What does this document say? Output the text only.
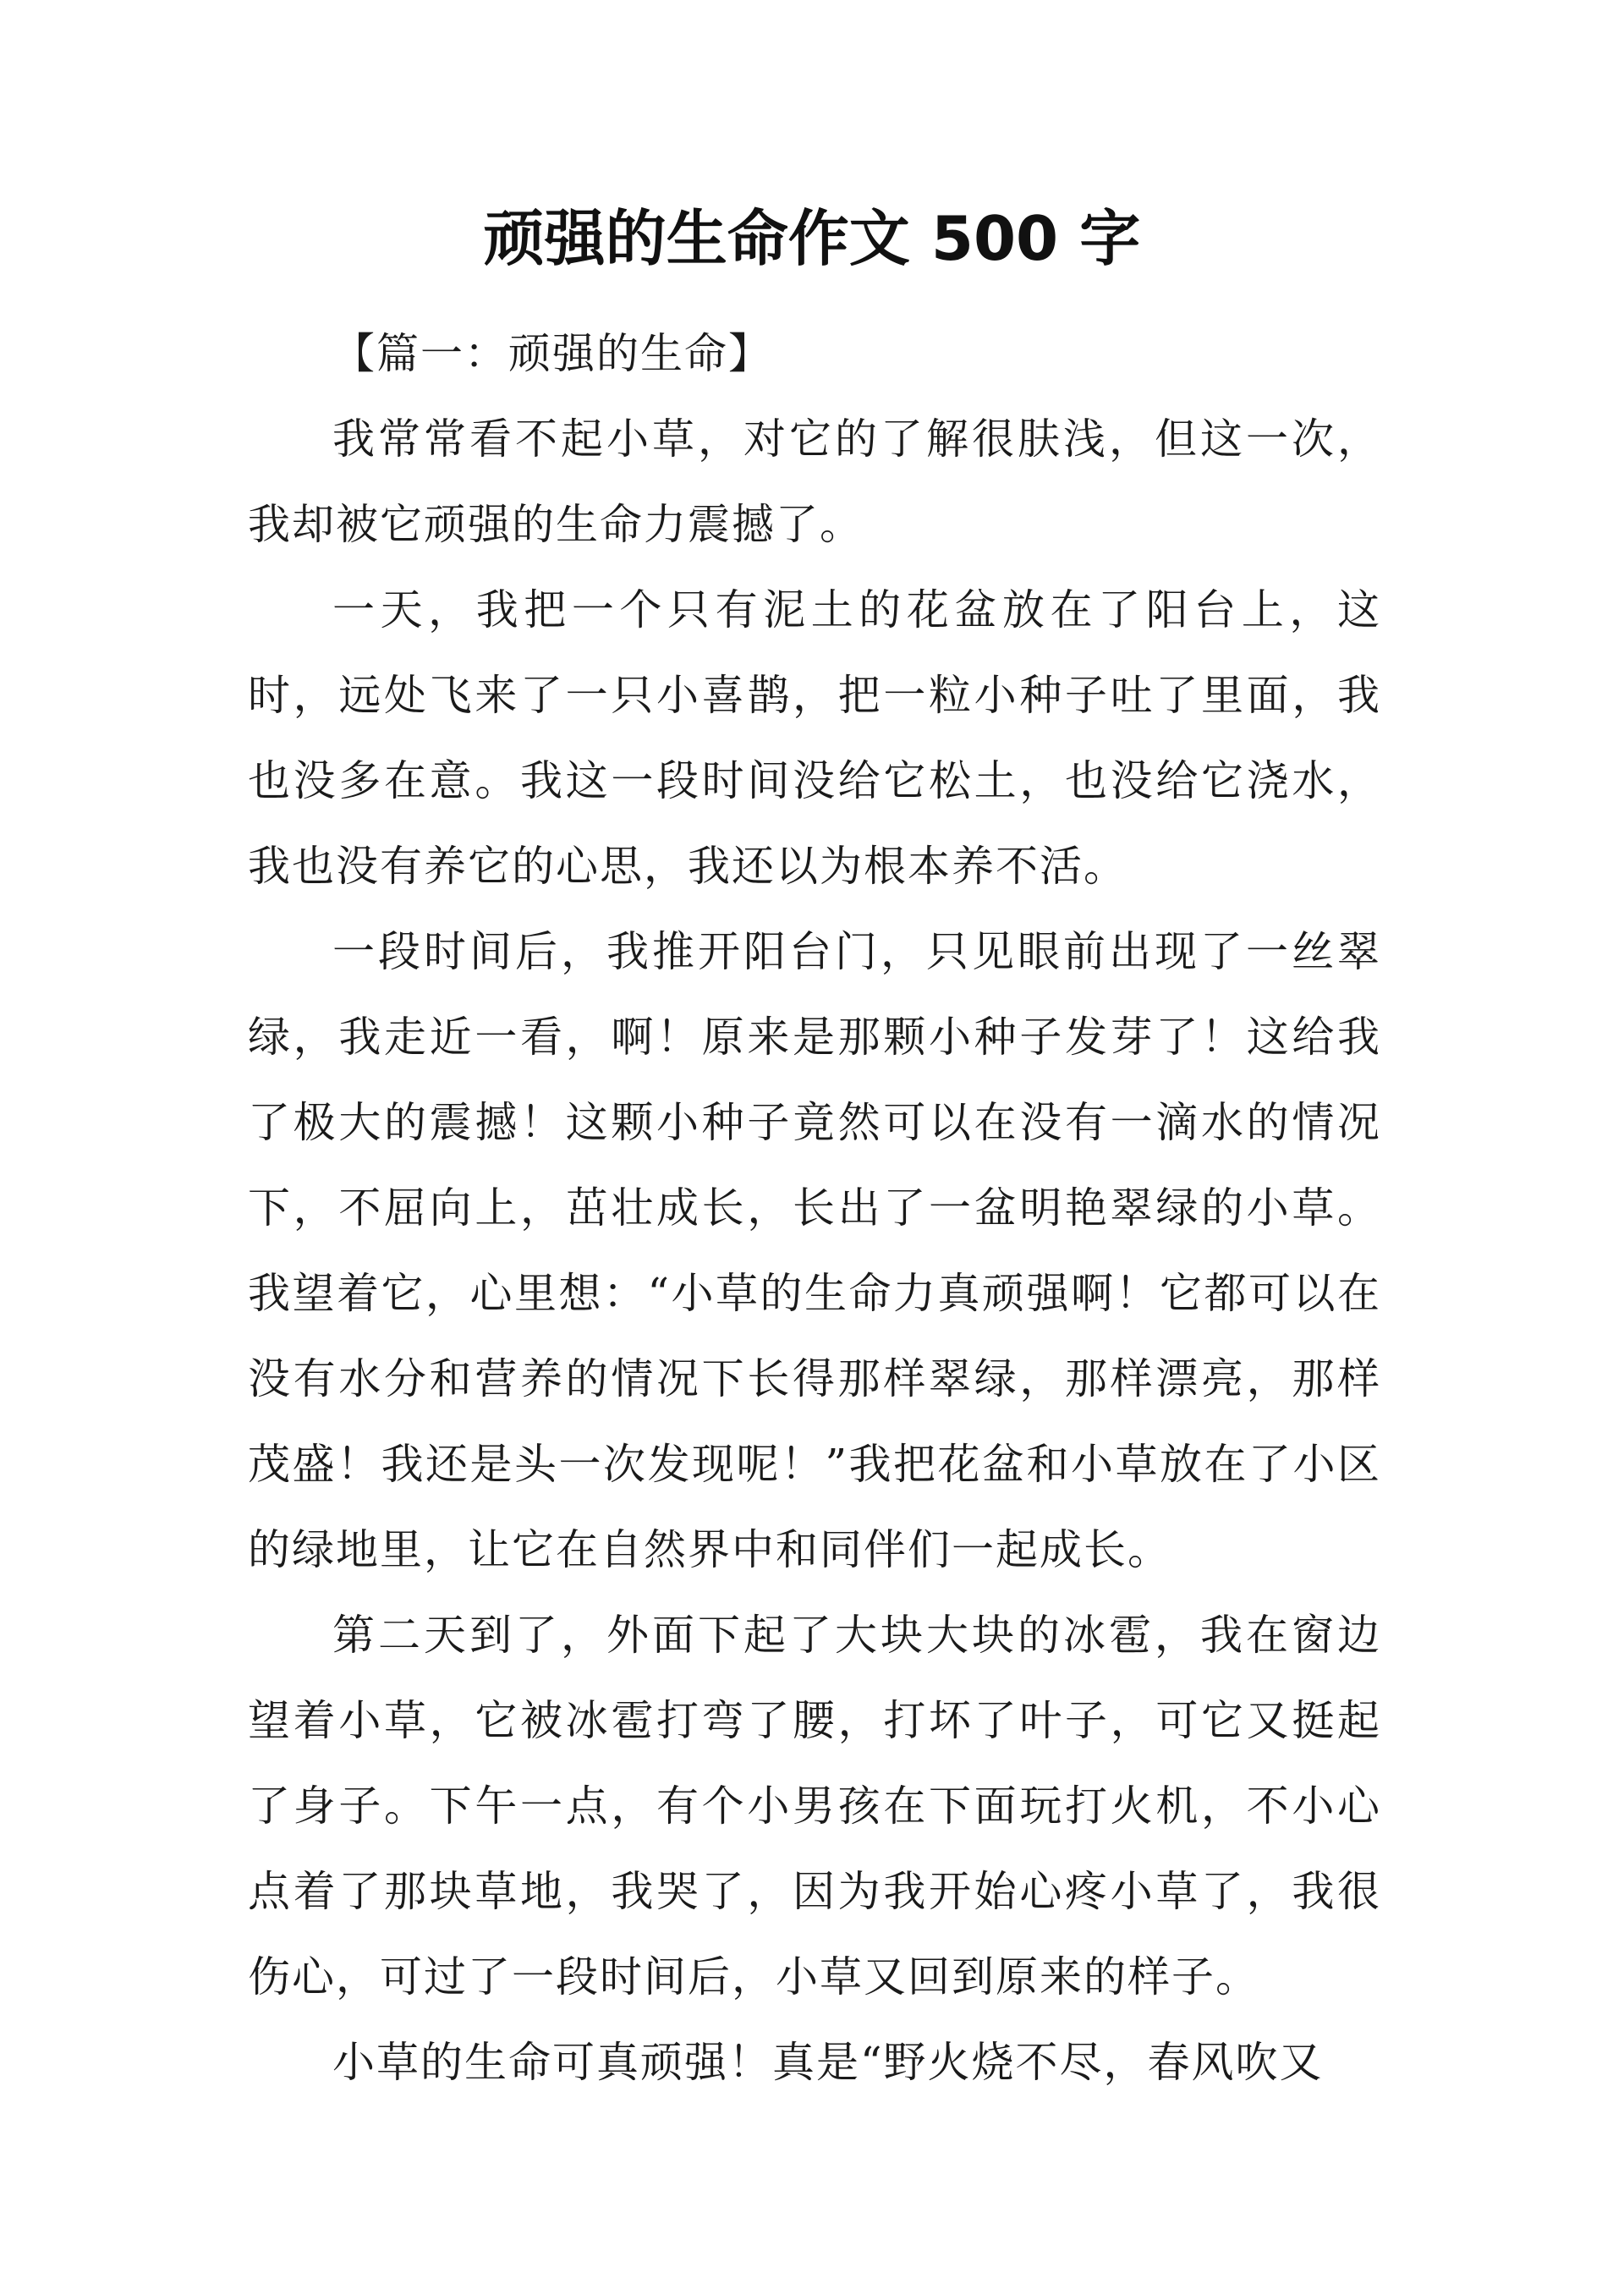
顽强的生命作文 500 字

【篇一：顽强的生命】

我常常看不起小草，对它的了解很肤浅，但这一次，我却被它顽强的生命力震撼了。

一天，我把一个只有泥土的花盆放在了阳台上，这时，远处飞来了一只小喜鹊，把一粒小种子吐了里面，我也没多在意。我这一段时间没给它松土，也没给它浇水，我也没有养它的心思，我还以为根本养不活。

一段时间后，我推开阳台门，只见眼前出现了一丝翠绿，我走近一看，啊！原来是那颗小种子发芽了！这给我了极大的震撼！这颗小种子竟然可以在没有一滴水的情况下，不屈向上，茁壮成长，长出了一盆明艳翠绿的小草。我望着它，心里想：“小草的生命力真顽强啊！它都可以在没有水分和营养的情况下长得那样翠绿，那样漂亮，那样茂盛！我还是头一次发现呢！”我把花盆和小草放在了小区的绿地里，让它在自然界中和同伴们一起成长。

第二天到了，外面下起了大块大块的冰雹，我在窗边望着小草，它被冰雹打弯了腰，打坏了叶子，可它又挺起了身子。下午一点，有个小男孩在下面玩打火机，不小心点着了那块草地，我哭了，因为我开始心疼小草了，我很伤心，可过了一段时间后，小草又回到原来的样子。

小草的生命可真顽强！真是“野火烧不尽，春风吹又
